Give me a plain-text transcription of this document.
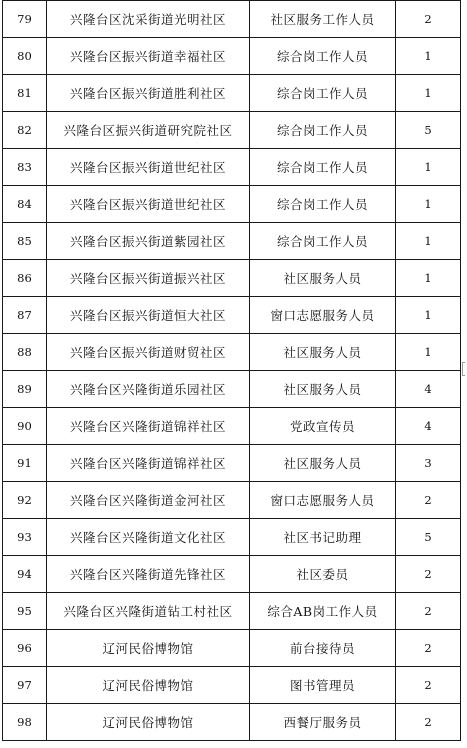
79	兴隆台区沈采街道光明社区	社区服务工作人员	2
80	兴隆台区振兴街道幸福社区	综合岗工作人员	1
81	兴隆台区振兴街道胜利社区	综合岗工作人员	1
82	兴隆台区振兴街道研究院社区	综合岗工作人员	5
83	兴隆台区振兴街道世纪社区	综合岗工作人员	1
84	兴隆台区振兴街道世纪社区	综合岗工作人员	1
85	兴隆台区振兴街道紫园社区	综合岗工作人员	1
86	兴隆台区振兴街道振兴社区	社区服务人员	1
87	兴隆台区振兴街道恒大社区	窗口志愿服务人员	1
88	兴隆台区振兴街道财贸社区	社区服务人员	1
89	兴隆台区兴隆街道乐园社区	社区服务人员	4
90	兴隆台区兴隆街道锦祥社区	党政宣传员	4
91	兴隆台区兴隆街道锦祥社区	社区服务人员	3
92	兴隆台区兴隆街道金河社区	窗口志愿服务人员	2
93	兴隆台区兴隆街道文化社区	社区书记助理	5
94	兴隆台区兴隆街道先锋社区	社区委员	2
95	兴隆台区兴隆街道钻工村社区	综合AB岗工作人员	2
96	辽河民俗博物馆	前台接待员	2
97	辽河民俗博物馆	图书管理员	2
98	辽河民俗博物馆	西餐厅服务员	2
